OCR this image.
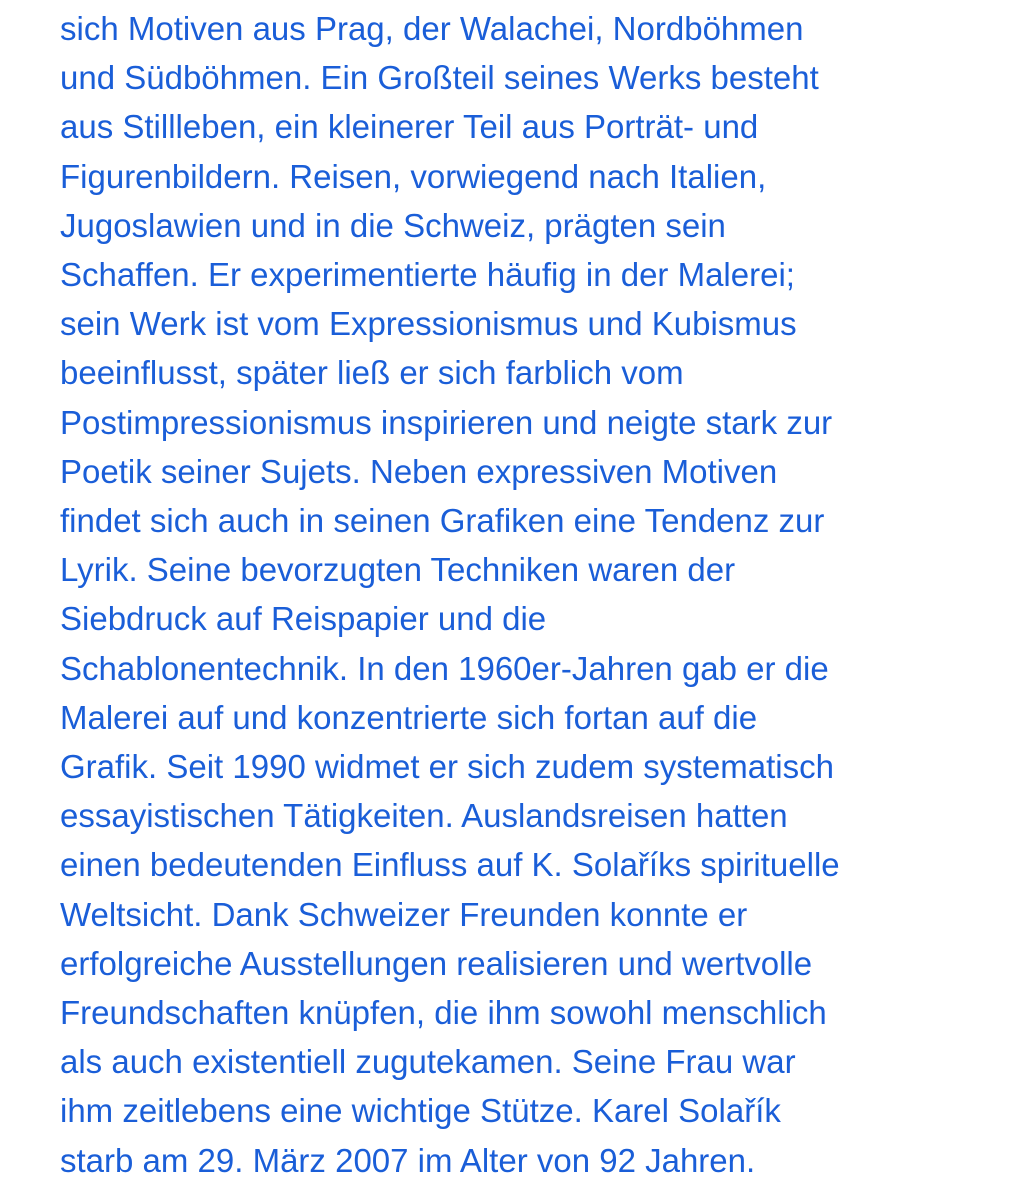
sich Motiven aus Prag, der Walachei, Nordböhmen
und Südböhmen. Ein Großteil seines Werks besteht
aus Stillleben, ein kleinerer Teil aus Porträt- und
Figurenbildern. Reisen, vorwiegend nach Italien,
Jugoslawien und in die Schweiz, prägten sein
Schaffen. Er experimentierte häufig in der Malerei;
sein Werk ist vom Expressionismus und Kubismus
beeinflusst, später ließ er sich farblich vom
Postimpressionismus inspirieren und neigte stark zur
Poetik seiner Sujets. Neben expressiven Motiven
findet sich auch in seinen Grafiken eine Tendenz zur
Lyrik. Seine bevorzugten Techniken waren der
Siebdruck auf Reispapier und die
Schablonentechnik. In den 1960er-Jahren gab er die
Malerei auf und konzentrierte sich fortan auf die
Grafik. Seit 1990 widmet er sich zudem systematisch
essayistischen Tätigkeiten. Auslandsreisen hatten
einen bedeutenden Einfluss auf K. Solaříks spirituelle
Weltsicht. Dank Schweizer Freunden konnte er
erfolgreiche Ausstellungen realisieren und wertvolle
Freundschaften knüpfen, die ihm sowohl menschlich
als auch existentiell zugutekamen. Seine Frau war
ihm zeitlebens eine wichtige Stütze. Karel Solařík
starb am 29. März 2007 im Alter von 92 Jahren.
